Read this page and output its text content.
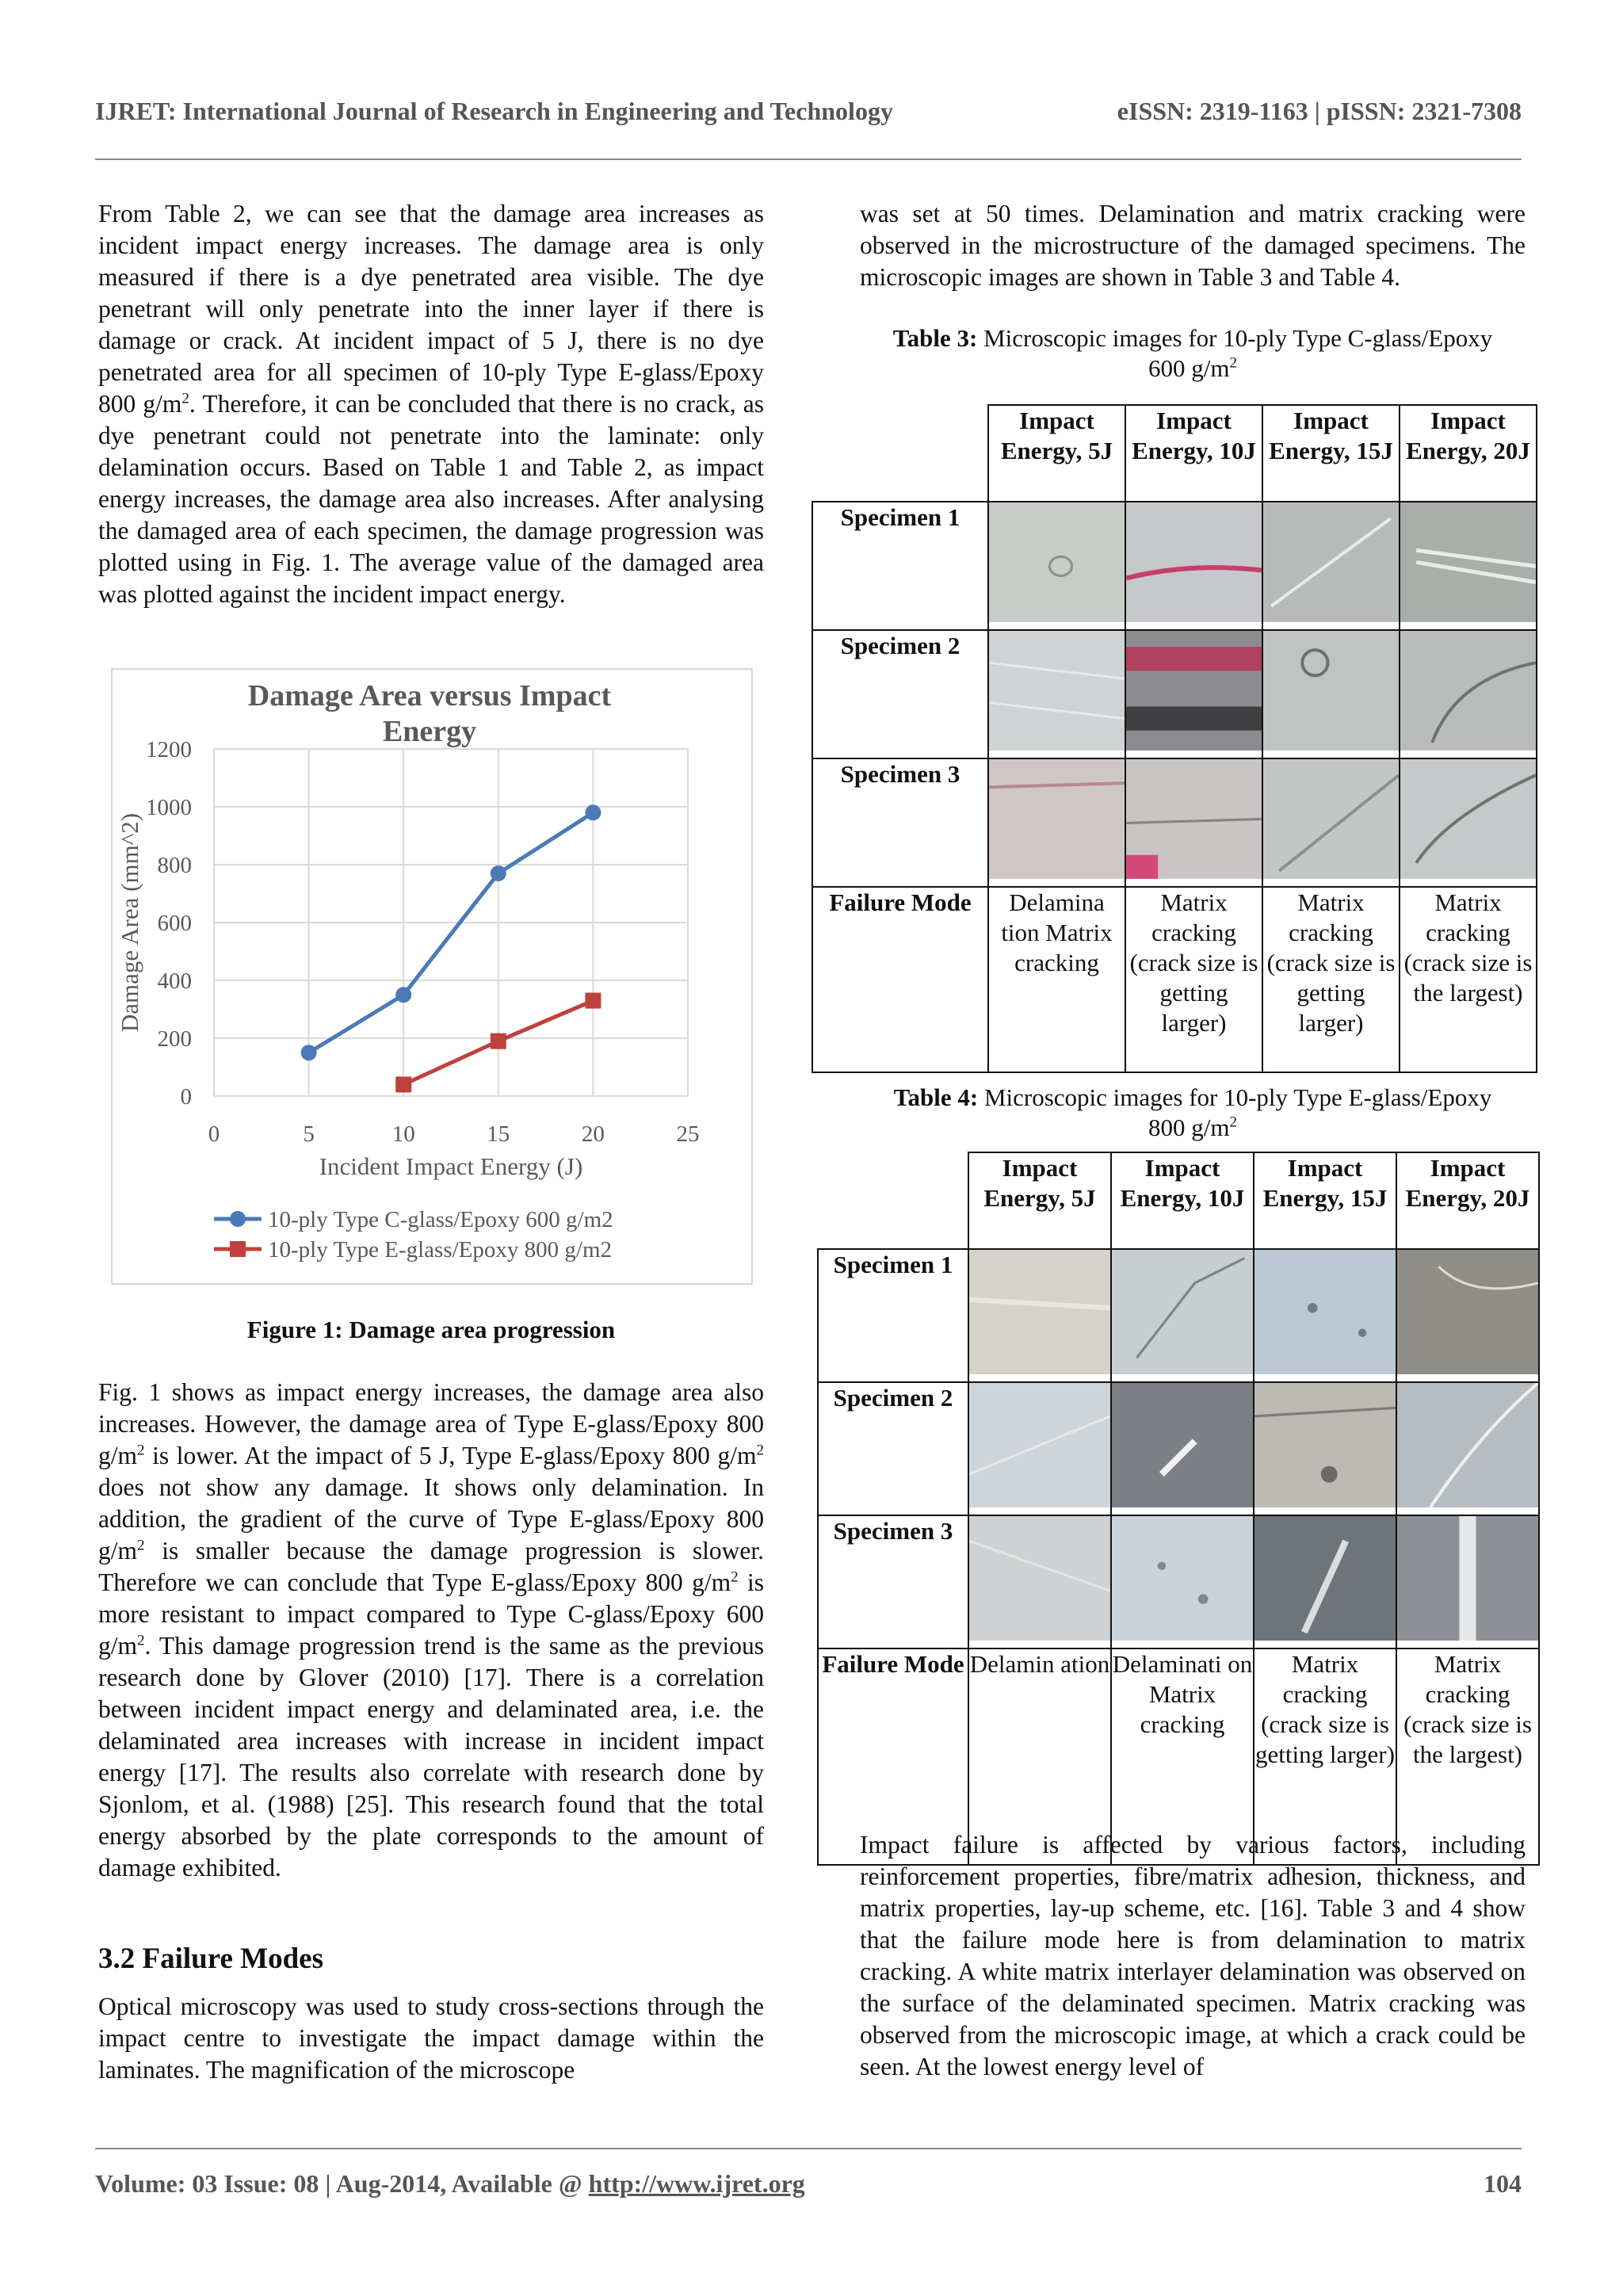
IJRET: International Journal of Research in Engineering and Technology	eISSN: 2319-1163 | pISSN: 2321-7308
From Table 2, we can see that the damage area increases as incident impact energy increases. The damage area is only measured if there is a dye penetrated area visible. The dye penetrant will only penetrate into the inner layer if there is damage or crack. At incident impact of 5 J, there is no dye penetrated area for all specimen of 10-ply Type E-glass/Epoxy 800 $g/m^2$. Therefore, it can be concluded that there is no crack, as dye penetrant could not penetrate into the laminate: only delamination occurs. Based on Table 1 and Table 2, as impact energy increases, the damage area also increases. After analysing the damaged area of each specimen, the damage progression was plotted using in Fig. 1. The average value of the damaged area was plotted against the incident impact energy.
0
200
400
600
800
1000
1200
0	5	10	15	20	25
Damage Area versus Impact
Energy
Incident Impact Energy (J)
Damage Area (mm^2)
10-ply Type C-glass/Epoxy 600 g/m2
10-ply Type E-glass/Epoxy 800 g/m2
Figure 1: Damage area progression
Fig. 1 shows as impact energy increases, the damage area also increases. However, the damage area of Type E-glass/Epoxy 800 $g/m^2$ is lower. At the impact of 5 J, Type E-glass/Epoxy 800 $g/m^2$ does not show any damage. It shows only delamination. In addition, the gradient of the curve of Type E-glass/Epoxy 800 $g/m^2$ is smaller because the damage progression is slower. Therefore we can conclude that Type E-glass/Epoxy 800 $g/m^2$ is more resistant to impact compared to Type C-glass/Epoxy 600 $g/m^2$. This damage progression trend is the same as the previous research done by Glover (2010) [17]. There is a correlation between incident impact energy and delaminated area, i.e. the delaminated area increases with increase in incident impact energy [17]. The results also correlate with research done by Sjonlom, et al. (1988) [25]. This research found that the total energy absorbed by the plate corresponds to the amount of damage exhibited.
3.2 Failure Modes
Optical microscopy was used to study cross-sections through the impact centre to investigate the impact damage within the laminates. The magnification of the microscope
was set at 50 times. Delamination and matrix cracking were observed in the microstructure of the damaged specimens. The microscopic images are shown in Table 3 and Table 4.
Table 3: Microscopic images for 10-ply Type C-glass/Epoxy 600 $g/m^2$
	Impact Energy, 5J	Impact Energy, 10J	Impact Energy, 15J	Impact Energy, 20J
Specimen 1				
Specimen 2				
Specimen 3				
Failure Mode	Delamina tion Matrix cracking	Matrix cracking (crack size is getting larger)	Matrix cracking (crack size is getting larger)	Matrix cracking (crack size is the largest)
Table 4: Microscopic images for 10-ply Type E-glass/Epoxy 800 $g/m^2$
	Impact Energy, 5J	Impact Energy, 10J	Impact Energy, 15J	Impact Energy, 20J
Specimen 1				
Specimen 2				
Specimen 3				
Failure Mode	Delamin ation	Delaminati on Matrix cracking	Matrix cracking (crack size is getting larger)	Matrix cracking (crack size is the largest)
Impact failure is affected by various factors, including reinforcement properties, fibre/matrix adhesion, thickness, and matrix properties, lay-up scheme, etc. [16]. Table 3 and 4 show that the failure mode here is from delamination to matrix cracking. A white matrix interlayer delamination was observed on the surface of the delaminated specimen. Matrix cracking was observed from the microscopic image, at which a crack could be seen. At the lowest energy level of
Volume: 03 Issue: 08 | Aug-2014, Available @ http://www.ijret.org	104
